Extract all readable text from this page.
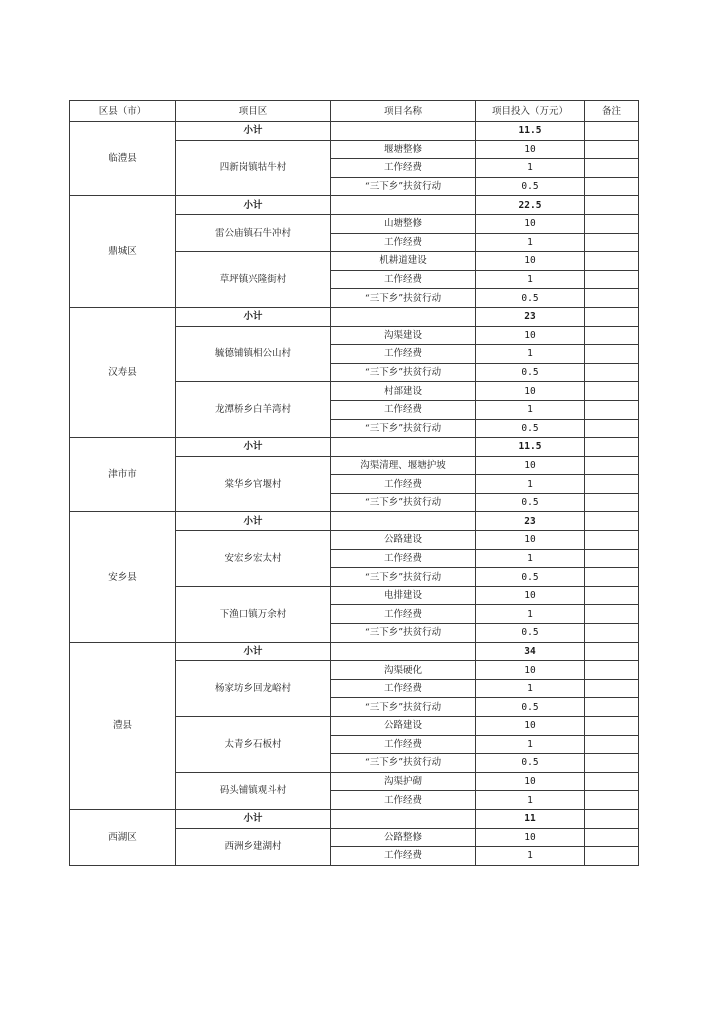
区县（市）	项目区	项目名称	项目投入（万元）	备注
临澧县	小计		11.5	
	四新岗镇牯牛村	堰塘整修	10	
		工作经费	1	
		“三下乡”扶贫行动	0.5	
鼎城区	小计		22.5	
	雷公庙镇石牛冲村	山塘整修	10	
		工作经费	1	
	草坪镇兴隆街村	机耕道建设	10	
		工作经费	1	
		“三下乡”扶贫行动	0.5	
汉寿县	小计		23	
	毓德铺镇相公山村	沟渠建设	10	
		工作经费	1	
		“三下乡”扶贫行动	0.5	
	龙潭桥乡白羊湾村	村部建设	10	
		工作经费	1	
		“三下乡”扶贫行动	0.5	
津市市	小计		11.5	
	棠华乡官堰村	沟渠清理、堰塘护坡	10	
		工作经费	1	
		“三下乡”扶贫行动	0.5	
安乡县	小计		23	
	安宏乡宏太村	公路建设	10	
		工作经费	1	
		“三下乡”扶贫行动	0.5	
	下渔口镇万余村	电排建设	10	
		工作经费	1	
		“三下乡”扶贫行动	0.5	
澧县	小计		34	
	杨家坊乡回龙峪村	沟渠硬化	10	
		工作经费	1	
		“三下乡”扶贫行动	0.5	
	太青乡石板村	公路建设	10	
		工作经费	1	
		“三下乡”扶贫行动	0.5	
	码头铺镇观斗村	沟渠护砌	10	
		工作经费	1	
西湖区	小计		11	
	西洲乡建湖村	公路整修	10	
		工作经费	1	
